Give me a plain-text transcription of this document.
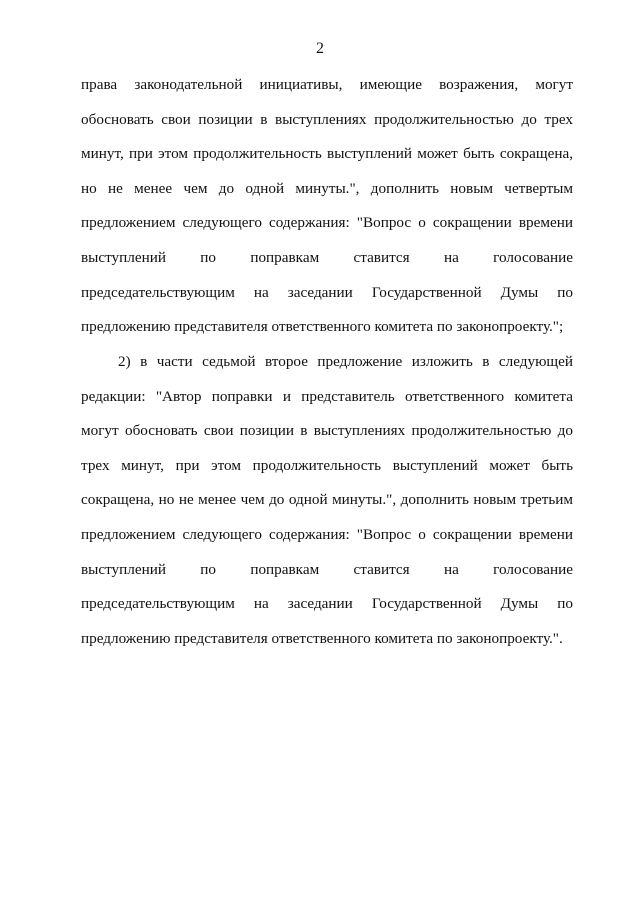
2
права законодательной инициативы, имеющие возражения, могут
обосновать свои позиции в выступлениях продолжительностью до трех
минут, при этом продолжительность выступлений может быть сокращена,
но не менее чем до одной минуты.", дополнить новым четвертым
предложением следующего содержания: "Вопрос о сокращении времени
выступлений по поправкам ставится на голосование
председательствующим на заседании Государственной Думы по
предложению представителя ответственного комитета по законопроекту.";
2) в части седьмой второе предложение изложить в следующей
редакции: "Автор поправки и представитель ответственного комитета
могут обосновать свои позиции в выступлениях продолжительностью до
трех минут, при этом продолжительность выступлений может быть
сокращена, но не менее чем до одной минуты.", дополнить новым третьим
предложением следующего содержания: "Вопрос о сокращении времени
выступлений по поправкам ставится на голосование
председательствующим на заседании Государственной Думы по
предложению представителя ответственного комитета по законопроекту.".
